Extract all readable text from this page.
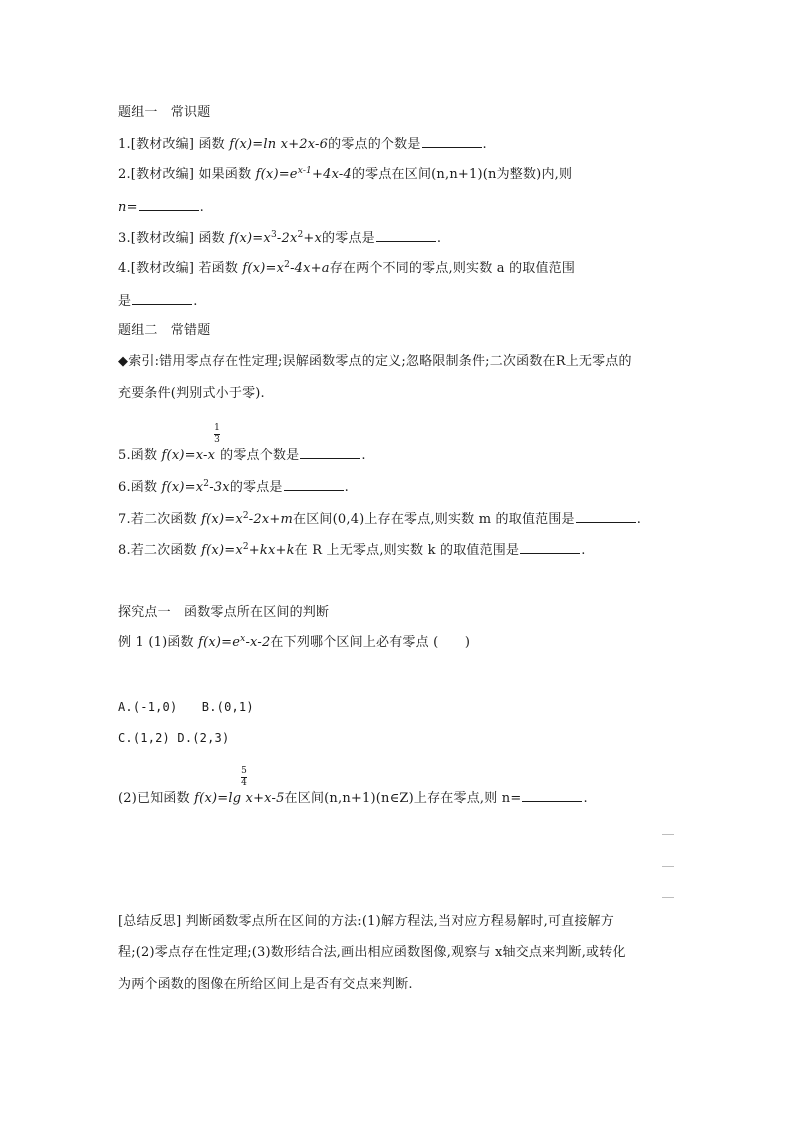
题组一　常识题
1.[教材改编] 函数 f(x)=ln x+2x-6的零点的个数是	.
2.[教材改编] 如果函数 $f(x)=e^{x-1}+4x-4$的零点在区间(n,n+1)(n为整数)内,则
n=	.
3.[教材改编] 函数 $f(x)=x^3-2x^2+x$的零点是	.
4.[教材改编] 若函数 $f(x)=x^2-4x+a$存在两个不同的零点,则实数 a 的取值范围
是	.
题组二　常错题
◆索引:错用零点存在性定理;误解函数零点的定义;忽略限制条件;二次函数在R上无零点的
充要条件(判别式小于零).
1
3
5.函数 f(x)=x-x 的零点个数是	.
6.函数 $f(x)=x^2-3x$的零点是	.
7.若二次函数 $f(x)=x^2-2x+m$在区间(0,4)上存在零点,则实数 m 的取值范围是	.
8.若二次函数 $f(x)=x^2+kx+k$在 R 上无零点,则实数 k 的取值范围是	.
探究点一　函数零点所在区间的判断
例 1 (1)函数 $f(x)=e^x-x-2$在下列哪个区间上必有零点 (　　)
A.(-1,0)　　B.(0,1)
C.(1,2) D.(2,3)
5
4
(2)已知函数 f(x)=lg x+x-5在区间(n,n+1)(n∈Z)上存在零点,则 n=	.
[总结反思] 判断函数零点所在区间的方法:(1)解方程法,当对应方程易解时,可直接解方
程;(2)零点存在性定理;(3)数形结合法,画出相应函数图像,观察与 x轴交点来判断,或转化
为两个函数的图像在所给区间上是否有交点来判断.
